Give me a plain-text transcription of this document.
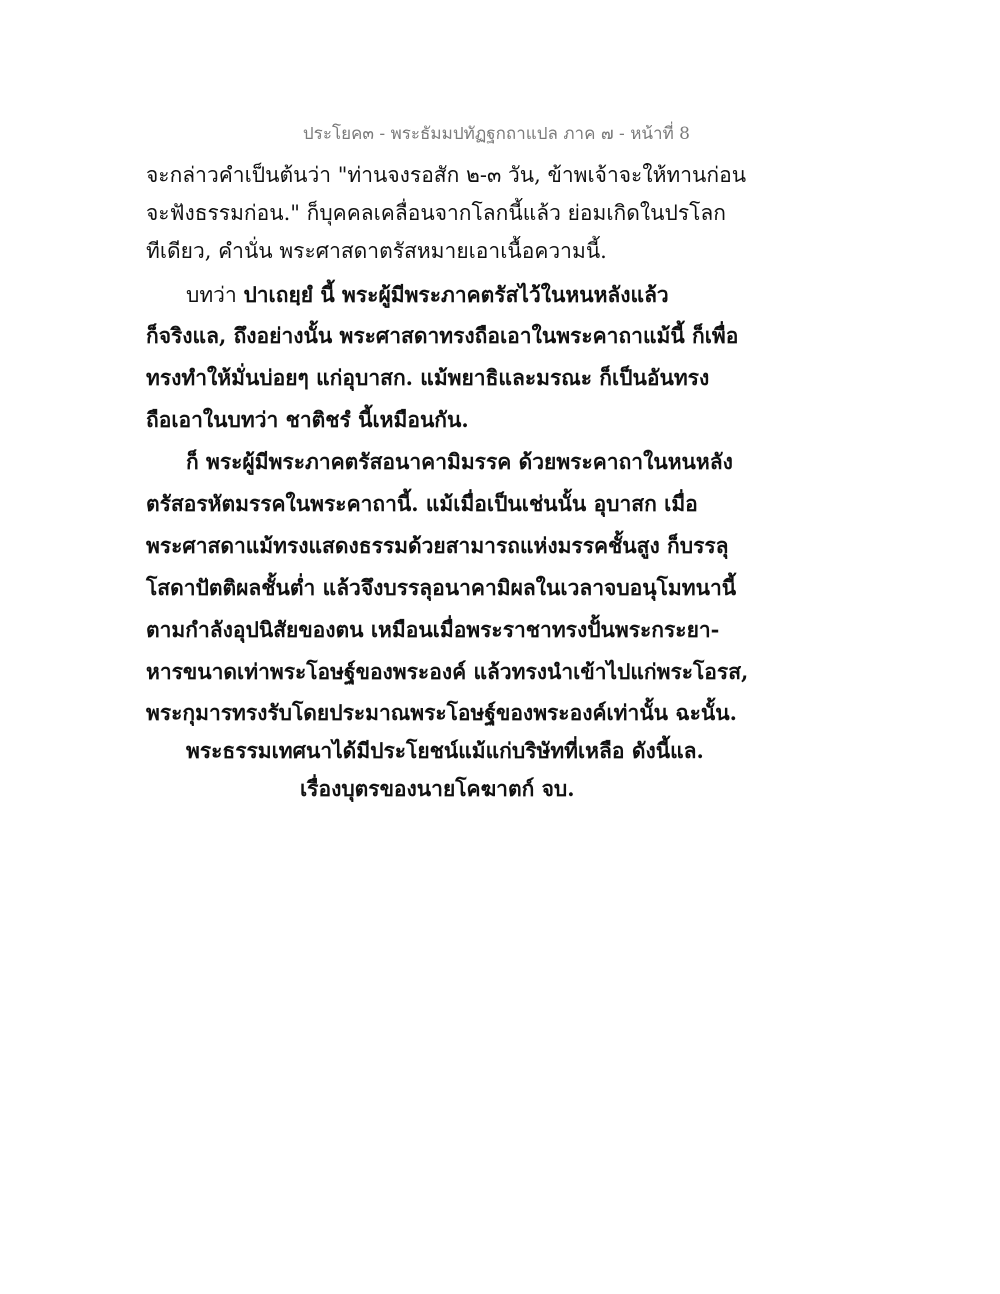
ประโยค๓ - พระธัมมปทัฏฐกถาแปล ภาค ๗ - หน้าที่ 8
จะกล่าวคำเป็นต้นว่า "ท่านจงรอสัก ๒-๓ วัน, ข้าพเจ้าจะให้ทานก่อน
จะฟังธรรมก่อน." ก็บุคคลเคลื่อนจากโลกนี้แล้ว ย่อมเกิดในปรโลก
ทีเดียว, คำนั่น พระศาสดาตรัสหมายเอาเนื้อความนี้.
บทว่า ปาเถยฺยํ นี้ พระผู้มีพระภาคตรัสไว้ในหนหลังแล้ว
ก็จริงแล, ถึงอย่างนั้น พระศาสดาทรงถือเอาในพระคาถาแม้นี้ ก็เพื่อ
ทรงทำให้มั่นบ่อยๆ แก่อุบาสก. แม้พยาธิและมรณะ ก็เป็นอันทรง
ถือเอาในบทว่า ชาติชรํ นี้เหมือนกัน.
ก็ พระผู้มีพระภาคตรัสอนาคามิมรรค ด้วยพระคาถาในหนหลัง
ตรัสอรหัตมรรคในพระคาถานี้. แม้เมื่อเป็นเช่นนั้น อุบาสก เมื่อ
พระศาสดาแม้ทรงแสดงธรรมด้วยสามารถแห่งมรรคชั้นสูง ก็บรรลุ
โสดาปัตติผลชั้นต่ำ แล้วจึงบรรลุอนาคามิผลในเวลาจบอนุโมทนานี้
ตามกำลังอุปนิสัยของตน เหมือนเมื่อพระราชาทรงปั้นพระกระยา-
หารขนาดเท่าพระโอษฐ์ของพระองค์ แล้วทรงนำเข้าไปแก่พระโอรส,
พระกุมารทรงรับโดยประมาณพระโอษฐ์ของพระองค์เท่านั้น ฉะนั้น.
พระธรรมเทศนาได้มีประโยชน์แม้แก่บริษัทที่เหลือ ดังนี้แล.
เรื่องบุตรของนายโคฆาตก์ จบ.
